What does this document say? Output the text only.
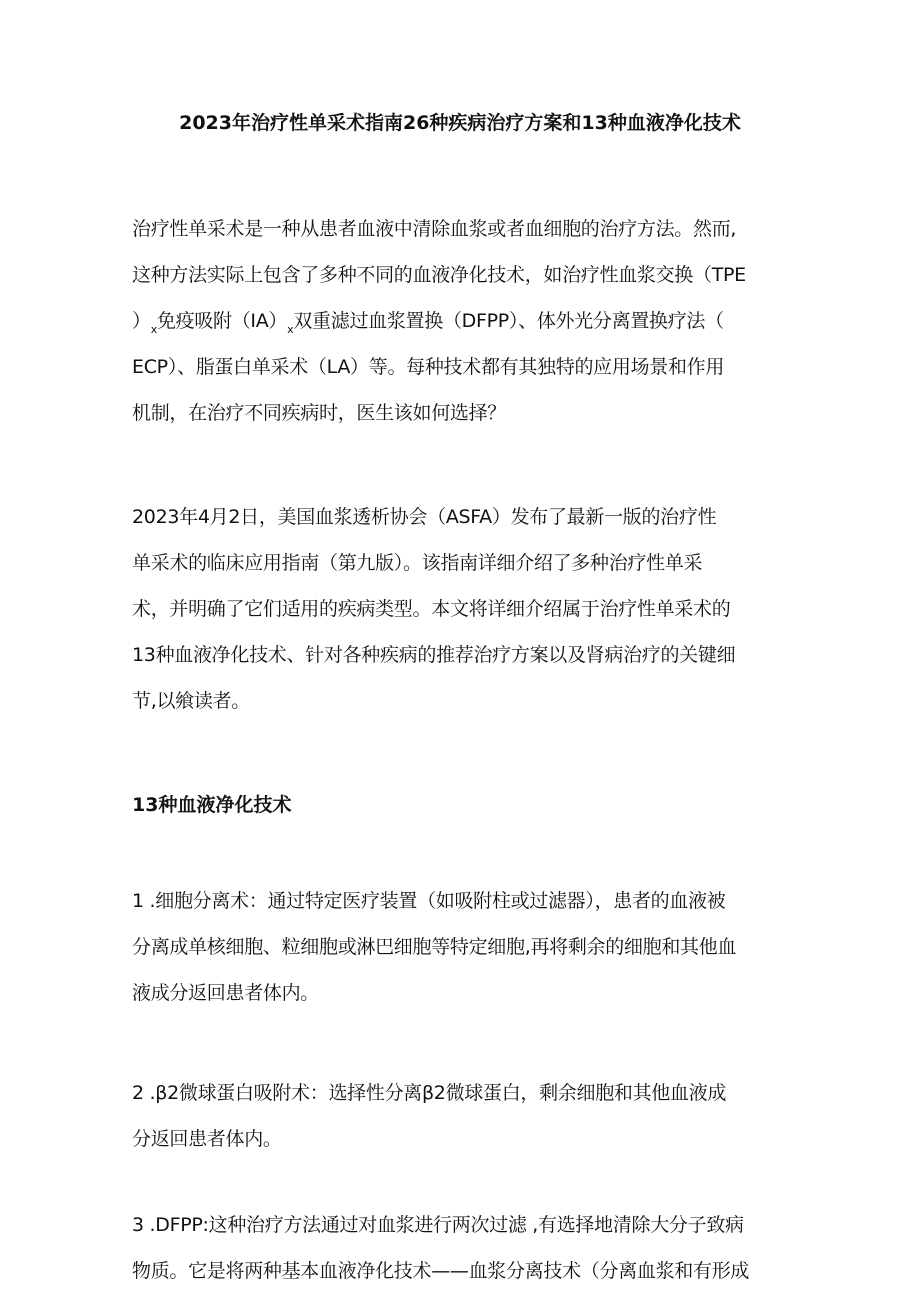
2023年治疗性单采术指南26种疾病治疗方案和13种血液净化技术
治疗性单采术是一种从患者血液中清除血浆或者血细胞的治疗方法。然而,
这种方法实际上包含了多种不同的血液净化技术，如治疗性血浆交换（TPE
）$_x$免疫吸附$(IA)_x$双重滤过血浆置换（DFPP）、体外光分离置换疗法（
ECP）、脂蛋白单采术（LA）等。每种技术都有其独特的应用场景和作用
机制，在治疗不同疾病时，医生该如何选择？
2023年4月2日，美国血浆透析协会（ASFA）发布了最新一版的治疗性
单采术的临床应用指南（第九版）。该指南详细介绍了多种治疗性单采
术，并明确了它们适用的疾病类型。本文将详细介绍属于治疗性单采术的
13种血液净化技术、针对各种疾病的推荐治疗方案以及肾病治疗的关键细
节,以飨读者。
13种血液净化技术
1 .细胞分离术：通过特定医疗装置（如吸附柱或过滤器），患者的血液被
分离成单核细胞、粒细胞或淋巴细胞等特定细胞,再将剩余的细胞和其他血
液成分返回患者体内。
2 .β2微球蛋白吸附术：选择性分离β2微球蛋白，剩余细胞和其他血液成
分返回患者体内。
3 .DFPP:这种治疗方法通过对血浆进行两次过滤 ,有选择地清除大分子致病
物质。它是将两种基本血液净化技术——血浆分离技术（分离血浆和有形成
